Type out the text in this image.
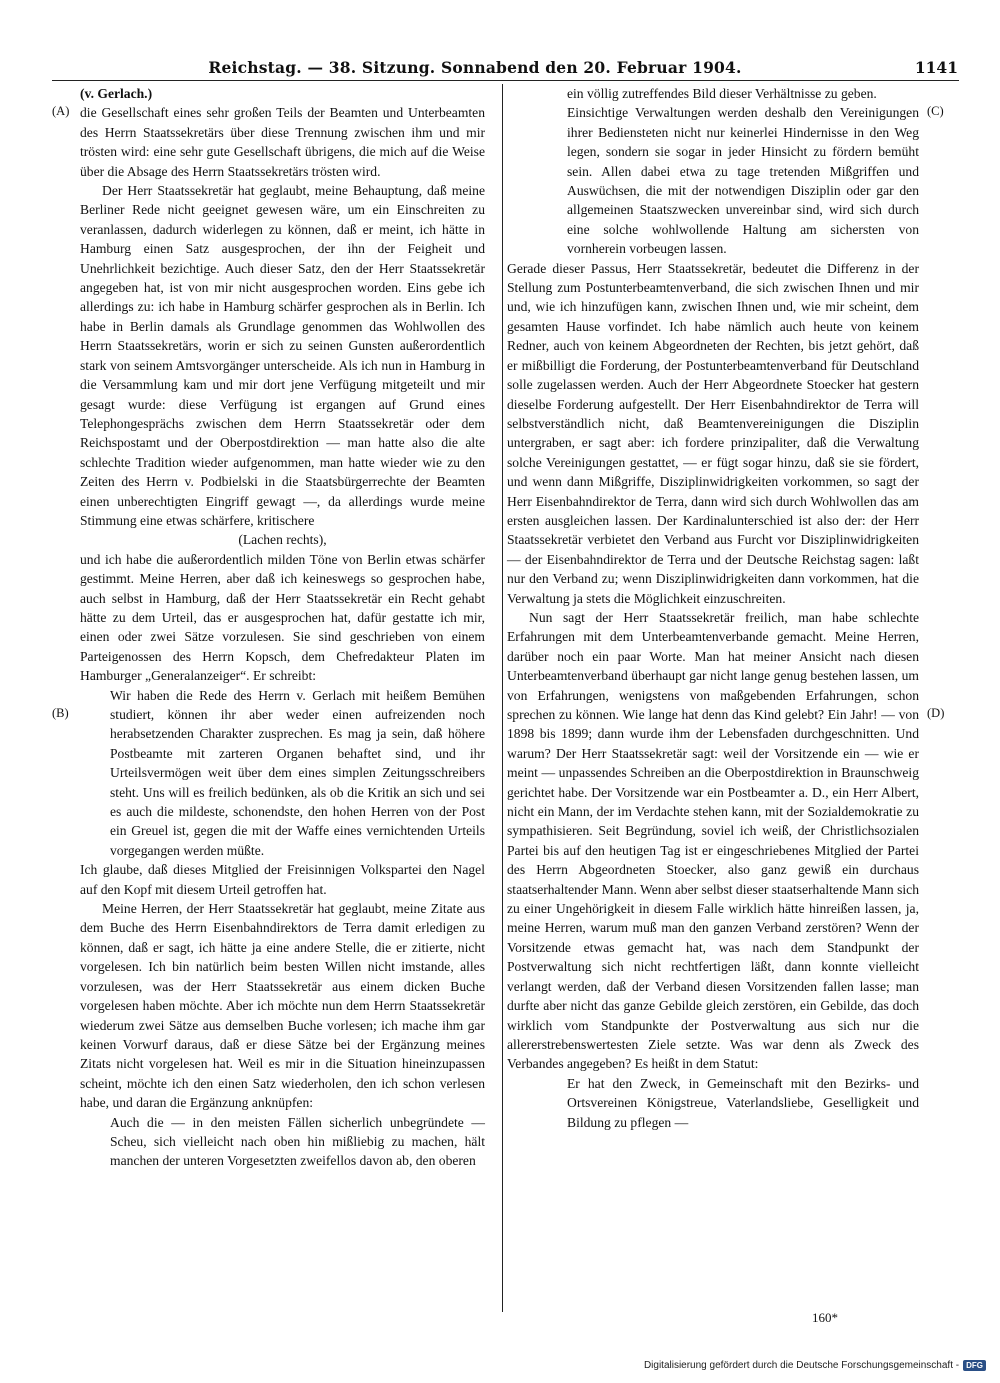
Reichstag. — 38. Sitzung. Sonnabend den 20. Februar 1904.	1141
(A)
(B)
(C)
(D)

(v. Gerlach.)

die Gesellschaft eines sehr großen Teils der Beamten und Unterbeamten des Herrn Staatssekretärs über diese Trennung zwischen ihm und mir trösten wird: eine sehr gute Gesellschaft übrigens, die mich auf die Weise über die Absage des Herrn Staatssekretärs trösten wird.

Der Herr Staatssekretär hat geglaubt, meine Behauptung, daß meine Berliner Rede nicht geeignet gewesen wäre, um ein Einschreiten zu veranlassen, dadurch widerlegen zu können, daß er meint, ich hätte in Hamburg einen Satz ausgesprochen, der ihn der Feigheit und Unehrlichkeit bezichtige. Auch dieser Satz, den der Herr Staatssekretär angegeben hat, ist von mir nicht ausgesprochen worden. Eins gebe ich allerdings zu: ich habe in Hamburg schärfer gesprochen als in Berlin. Ich habe in Berlin damals als Grundlage genommen das Wohlwollen des Herrn Staatssekretärs, worin er sich zu seinen Gunsten außerordentlich stark von seinem Amtsvorgänger unterscheide. Als ich nun in Hamburg in die Versammlung kam und mir dort jene Verfügung mitgeteilt und mir gesagt wurde: diese Verfügung ist ergangen auf Grund eines Telephongesprächs zwischen dem Herrn Staatssekretär oder dem Reichspostamt und der Oberpostdirektion — man hatte also die alte schlechte Tradition wieder aufgenommen, man hatte wieder wie zu den Zeiten des Herrn v. Podbielski in die Staatsbürgerrechte der Beamten einen unberechtigten Eingriff gewagt —, da allerdings wurde meine Stimmung eine etwas schärfere, kritischere

(Lachen rechts),

und ich habe die außerordentlich milden Töne von Berlin etwas schärfer gestimmt. Meine Herren, aber daß ich keineswegs so gesprochen habe, auch selbst in Hamburg, daß der Herr Staatssekretär ein Recht gehabt hätte zu dem Urteil, das er ausgesprochen hat, dafür gestatte ich mir, einen oder zwei Sätze vorzulesen. Sie sind geschrieben von einem Parteigenossen des Herrn Kopsch, dem Chefredakteur Platen im Hamburger „Generalanzeiger“. Er schreibt:

Wir haben die Rede des Herrn v. Gerlach mit heißem Bemühen studiert, können ihr aber weder einen aufreizenden noch herabsetzenden Charakter zusprechen. Es mag ja sein, daß höhere Postbeamte mit zarteren Organen behaftet sind, und ihr Urteilsvermögen weit über dem eines simplen Zeitungsschreibers steht. Uns will es freilich bedünken, als ob die Kritik an sich und sei es auch die mildeste, schonendste, den hohen Herren von der Post ein Greuel ist, gegen die mit der Waffe eines vernichtenden Urteils vorgegangen werden müßte.

Ich glaube, daß dieses Mitglied der Freisinnigen Volkspartei den Nagel auf den Kopf mit diesem Urteil getroffen hat.

Meine Herren, der Herr Staatssekretär hat geglaubt, meine Zitate aus dem Buche des Herrn Eisenbahndirektors de Terra damit erledigen zu können, daß er sagt, ich hätte ja eine andere Stelle, die er zitierte, nicht vorgelesen. Ich bin natürlich beim besten Willen nicht imstande, alles vorzulesen, was der Herr Staatssekretär aus einem dicken Buche vorgelesen haben möchte. Aber ich möchte nun dem Herrn Staatssekretär wiederum zwei Sätze aus demselben Buche vorlesen; ich mache ihm gar keinen Vorwurf daraus, daß er diese Sätze bei der Ergänzung meines Zitats nicht vorgelesen hat. Weil es mir in die Situation hineinzupassen scheint, möchte ich den einen Satz wiederholen, den ich schon verlesen habe, und daran die Ergänzung anknüpfen:

Auch die — in den meisten Fällen sicherlich unbegründete — Scheu, sich vielleicht nach oben hin mißliebig zu machen, hält manchen der unteren Vorgesetzten zweifellos davon ab, den oberen

ein völlig zutreffendes Bild dieser Verhältnisse zu geben.

Einsichtige Verwaltungen werden deshalb den Vereinigungen ihrer Bediensteten nicht nur keinerlei Hindernisse in den Weg legen, sondern sie sogar in jeder Hinsicht zu fördern bemüht sein. Allen dabei etwa zu tage tretenden Mißgriffen und Auswüchsen, die mit der notwendigen Disziplin oder gar den allgemeinen Staatszwecken unvereinbar sind, wird sich durch eine solche wohlwollende Haltung am sichersten von vornherein vorbeugen lassen.

Gerade dieser Passus, Herr Staatssekretär, bedeutet die Differenz in der Stellung zum Postunterbeamtenverband, die sich zwischen Ihnen und mir und, wie ich hinzufügen kann, zwischen Ihnen und, wie mir scheint, dem gesamten Hause vorfindet. Ich habe nämlich auch heute von keinem Redner, auch von keinem Abgeordneten der Rechten, bis jetzt gehört, daß er mißbilligt die Forderung, der Postunterbeamtenverband für Deutschland solle zugelassen werden. Auch der Herr Abgeordnete Stoecker hat gestern dieselbe Forderung aufgestellt. Der Herr Eisenbahndirektor de Terra will selbstverständlich nicht, daß Beamtenvereinigungen die Disziplin untergraben, er sagt aber: ich fordere prinzipaliter, daß die Verwaltung solche Vereinigungen gestattet, — er fügt sogar hinzu, daß sie sie fördert, und wenn dann Mißgriffe, Disziplinwidrigkeiten vorkommen, so sagt der Herr Eisenbahndirektor de Terra, dann wird sich durch Wohlwollen das am ersten ausgleichen lassen. Der Kardinalunterschied ist also der: der Herr Staatssekretär verbietet den Verband aus Furcht vor Disziplinwidrigkeiten — der Eisenbahndirektor de Terra und der Deutsche Reichstag sagen: laßt nur den Verband zu; wenn Disziplinwidrigkeiten dann vorkommen, hat die Verwaltung ja stets die Möglichkeit einzuschreiten.

Nun sagt der Herr Staatssekretär freilich, man habe schlechte Erfahrungen mit dem Unterbeamtenverbande gemacht. Meine Herren, darüber noch ein paar Worte. Man hat meiner Ansicht nach diesen Unterbeamtenverband überhaupt gar nicht lange genug bestehen lassen, um von Erfahrungen, wenigstens von maßgebenden Erfahrungen, schon sprechen zu können. Wie lange hat denn das Kind gelebt? Ein Jahr! — von 1898 bis 1899; dann wurde ihm der Lebensfaden durchgeschnitten. Und warum? Der Herr Staatssekretär sagt: weil der Vorsitzende ein — wie er meint — unpassendes Schreiben an die Oberpostdirektion in Braunschweig gerichtet habe. Der Vorsitzende war ein Postbeamter a. D., ein Herr Albert, nicht ein Mann, der im Verdachte stehen kann, mit der Sozialdemokratie zu sympathisieren. Seit Begründung, soviel ich weiß, der Christlichsozialen Partei bis auf den heutigen Tag ist er eingeschriebenes Mitglied der Partei des Herrn Abgeordneten Stoecker, also ganz gewiß ein durchaus staatserhaltender Mann. Wenn aber selbst dieser staatserhaltende Mann sich zu einer Ungehörigkeit in diesem Falle wirklich hätte hinreißen lassen, ja, meine Herren, warum muß man den ganzen Verband zerstören? Wenn der Vorsitzende etwas gemacht hat, was nach dem Standpunkt der Postverwaltung sich nicht rechtfertigen läßt, dann konnte vielleicht verlangt werden, daß der Verband diesen Vorsitzenden fallen lasse; man durfte aber nicht das ganze Gebilde gleich zerstören, ein Gebilde, das doch wirklich vom Standpunkte der Postverwaltung aus sich nur die allererstrebenswertesten Ziele setzte. Was war denn als Zweck des Verbandes angegeben? Es heißt in dem Statut:

Er hat den Zweck, in Gemeinschaft mit den Bezirks- und Ortsvereinen Königstreue, Vaterlandsliebe, Geselligkeit und Bildung zu pflegen —

160*
Digitalisierung gefördert durch die Deutsche Forschungsgemeinschaft - DFG
